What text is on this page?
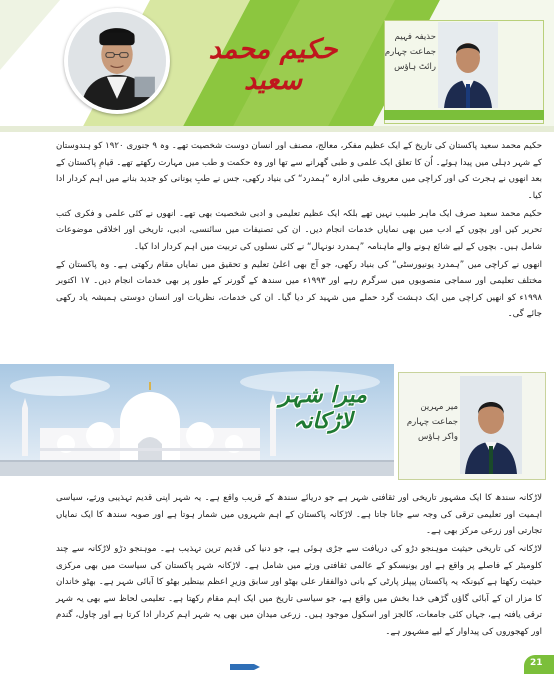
حکیم محمد سعید
حذیفہ فہیم
جماعت چہارم
رائٹ ہاؤس

حکیم محمد سعید پاکستان کی تاریخ کے ایک عظیم مفکر، معالج، مصنف اور انسان دوست شخصیت تھے۔ وہ ۹ جنوری ۱۹۲۰ کو ہندوستان کے شہر دہلی میں پیدا ہوئے۔ اُن کا تعلق ایک علمی و طبی گھرانے سے تھا اور وہ حکمت و طب میں مہارت رکھتے تھے۔ قیامِ پاکستان کے بعد انھوں نے ہجرت کی اور کراچی میں معروف طبی ادارہ ”ہمدرد“ کی بنیاد رکھی، جس نے طبِ یونانی کو جدید بنانے میں اہم کردار ادا کیا۔

حکیم محمد سعید صرف ایک ماہر طبیب نہیں تھے بلکہ ایک عظیم تعلیمی و ادبی شخصیت بھی تھے۔ انھوں نے کئی علمی و فکری کتب تحریر کیں اور بچوں کے ادب میں بھی نمایاں خدمات انجام دیں۔ ان کی تصنیفات میں سائنسی، ادبی، تاریخی اور اخلاقی موضوعات شامل ہیں۔ بچوں کے لیے شائع ہونے والے ماہنامہ ”ہمدرد نونہال“ نے کئی نسلوں کی تربیت میں اہم کردار ادا کیا۔

انھوں نے کراچی میں ”ہمدرد یونیورسٹی“ کی بنیاد رکھی، جو آج بھی اعلیٰ تعلیم و تحقیق میں نمایاں مقام رکھتی ہے۔ وہ پاکستان کے مختلف تعلیمی اور سماجی منصوبوں میں سرگرم رہے اور ۱۹۹۳ء میں سندھ کے گورنر کے طور پر بھی خدمات انجام دیں۔ ۱۷ اکتوبر ۱۹۹۸ء کو انھیں کراچی میں ایک دہشت گرد حملے میں شہید کر دیا گیا۔ ان کی خدمات، نظریات اور انسان دوستی ہمیشہ یاد رکھی جائے گی۔

میرا شہر لاڑکانہ
میر مہرین
جماعت چہارم
واکر ہاؤس

لاڑکانہ سندھ کا ایک مشہور تاریخی اور ثقافتی شہر ہے جو دریائے سندھ کے قریب واقع ہے۔ یہ شہر اپنی قدیم تہذیبی ورثے، سیاسی اہمیت اور تعلیمی ترقی کی وجہ سے جانا جاتا ہے۔ لاڑکانہ پاکستان کے اہم شہروں میں شمار ہوتا ہے اور صوبہ سندھ کا ایک نمایاں تجارتی اور زرعی مرکز بھی ہے۔

لاڑکانہ کی تاریخی حیثیت موہنجو دڑو کی دریافت سے جڑی ہوئی ہے، جو دنیا کی قدیم ترین تہذیب ہے۔ موہنجو دڑو لاڑکانہ سے چند کلومیٹر کے فاصلے پر واقع ہے اور یونیسکو کے عالمی ثقافتی ورثے میں شامل ہے۔ لاڑکانہ شہر پاکستان کی سیاست میں بھی مرکزی حیثیت رکھتا ہے کیونکہ یہ پاکستان پیپلز پارٹی کے بانی ذوالفقار علی بھٹو اور سابق وزیرِ اعظم بینظیر بھٹو کا آبائی شہر ہے۔ بھٹو خاندان کا مزار ان کے آبائی گاؤں گڑھی خدا بخش میں واقع ہے، جو سیاسی تاریخ میں ایک اہم مقام رکھتا ہے۔ تعلیمی لحاظ سے بھی یہ شہر ترقی یافتہ ہے، جہاں کئی جامعات، کالجز اور اسکول موجود ہیں۔ زرعی میدان میں بھی یہ شہر اہم کردار ادا کرتا ہے اور چاول، گندم اور کھجوروں کی پیداوار کے لیے مشہور ہے۔

21
